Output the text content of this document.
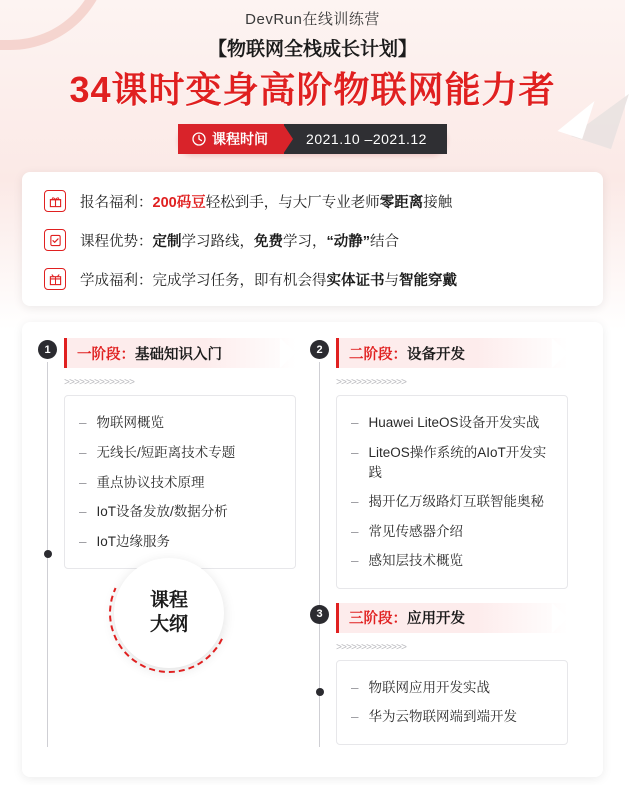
DevRun在线训练营
【物联网全栈成长计划】
34课时变身高阶物联网能力者
课程时间	2021.10 –2021.12
报名福利：200码豆轻松到手，与大厂专业老师零距离接触
课程优势：定制学习路线，免费学习，“动静”结合
学成福利：完成学习任务，即有机会得实体证书与智能穿戴
1	一阶段：基础知识入门
>>>>>>>>>>>>>>
– 物联网概览
– 无线长/短距离技术专题
– 重点协议技术原理
– IoT设备发放/数据分析
– IoT边缘服务
2	二阶段：设备开发
>>>>>>>>>>>>>>
– Huawei LiteOS设备开发实战
– LiteOS操作系统的AIoT开发实践
– 揭开亿万级路灯互联智能奥秘
– 常见传感器介绍
– 感知层技术概览
3	三阶段：应用开发
>>>>>>>>>>>>>>
– 物联网应用开发实战
– 华为云物联网端到端开发
课程
大纲
